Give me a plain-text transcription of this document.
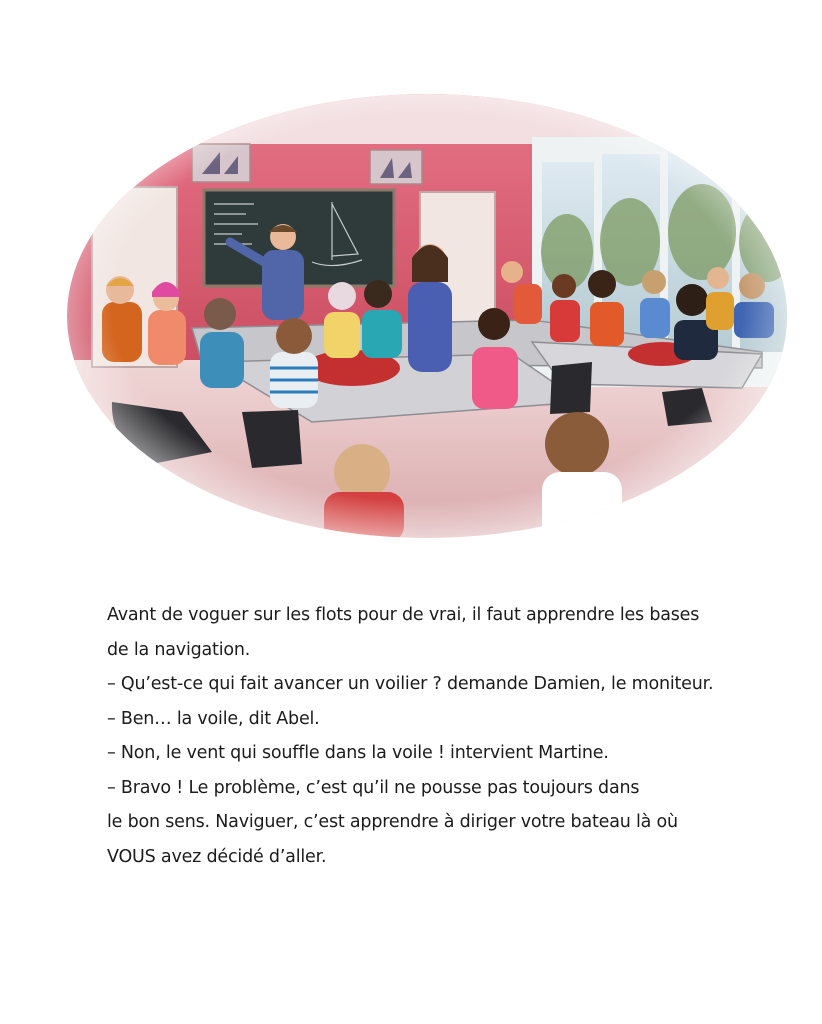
Avant de voguer sur les flots pour de vrai, il faut apprendre les bases

de la navigation.

– Qu’est-ce qui fait avancer un voilier ? demande Damien, le moniteur.

– Ben… la voile, dit Abel.

– Non, le vent qui souffle dans la voile ! intervient Martine.

– Bravo ! Le problème, c’est qu’il ne pousse pas toujours dans

le bon sens. Naviguer, c’est apprendre à diriger votre bateau là où

VOUS avez décidé d’aller.
